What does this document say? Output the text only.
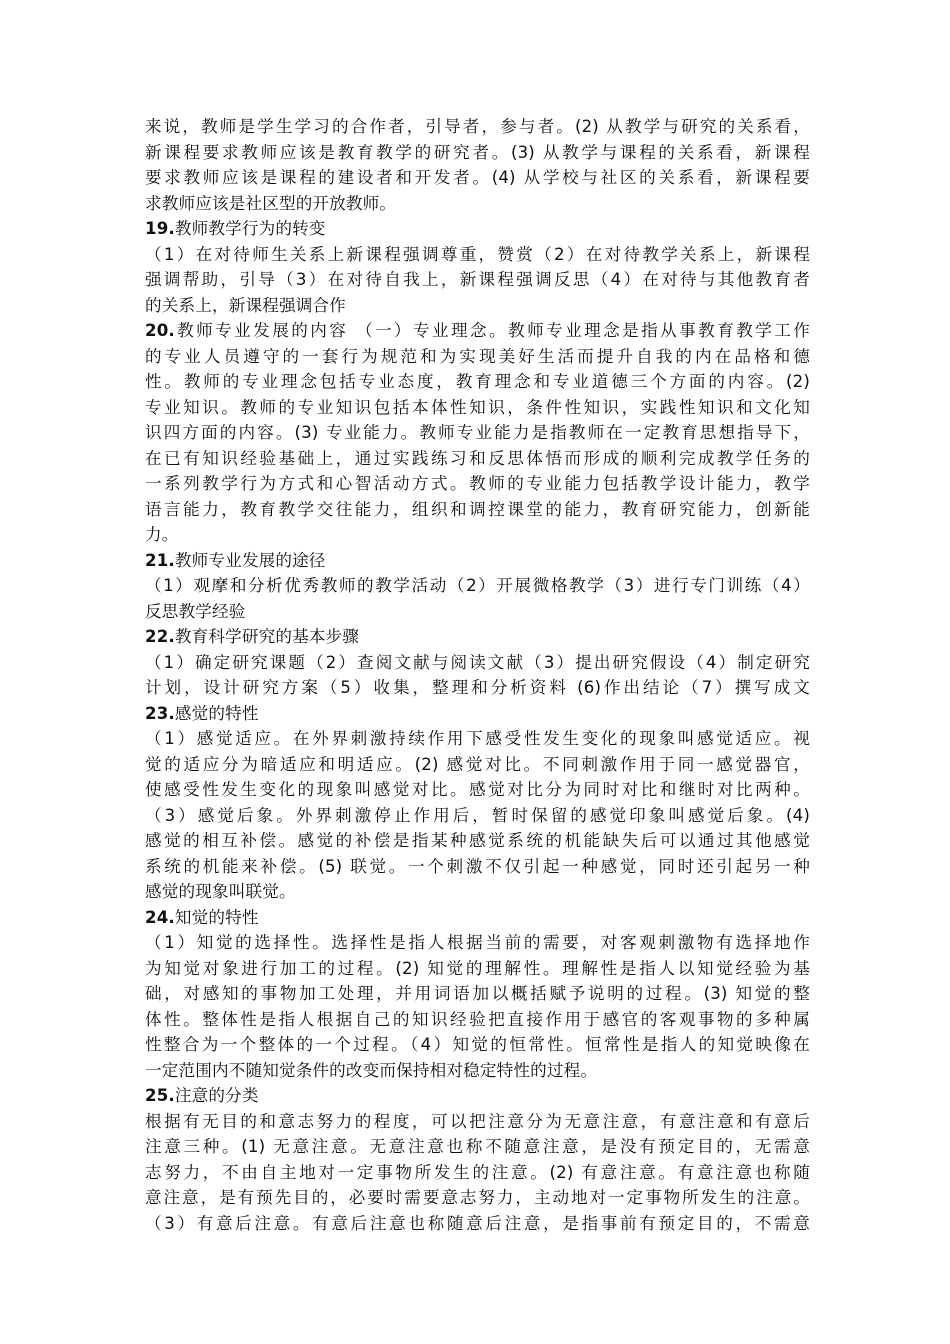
来说，教师是学生学习的合作者，引导者，参与者。(2) 从教学与研究的关系看，
新课程要求教师应该是教育教学的研究者。(3) 从教学与课程的关系看，新课程
要求教师应该是课程的建设者和开发者。(4) 从学校与社区的关系看，新课程要
求教师应该是社区型的开放教师。
19.教师教学行为的转变
（1）在对待师生关系上新课程强调尊重，赞赏（2）在对待教学关系上，新课程
强调帮助，引导（3）在对待自我上，新课程强调反思（4）在对待与其他教育者
的关系上，新课程强调合作
20.教师专业发展的内容 （一）专业理念。教师专业理念是指从事教育教学工作
的专业人员遵守的一套行为规范和为实现美好生活而提升自我的内在品格和德
性。教师的专业理念包括专业态度，教育理念和专业道德三个方面的内容。(2)
专业知识。教师的专业知识包括本体性知识，条件性知识，实践性知识和文化知
识四方面的内容。(3) 专业能力。教师专业能力是指教师在一定教育思想指导下，
在已有知识经验基础上，通过实践练习和反思体悟而形成的顺利完成教学任务的
一系列教学行为方式和心智活动方式。教师的专业能力包括教学设计能力，教学
语言能力，教育教学交往能力，组织和调控课堂的能力，教育研究能力，创新能
力。
21.教师专业发展的途径
（1）观摩和分析优秀教师的教学活动（2）开展微格教学（3）进行专门训练（4）
反思教学经验
22.教育科学研究的基本步骤
（1）确定研究课题（2）查阅文献与阅读文献（3）提出研究假设（4）制定研究
计划，设计研究方案（5）收集，整理和分析资料 (6)作出结论（7）撰写成文
23.感觉的特性
（1）感觉适应。在外界刺激持续作用下感受性发生变化的现象叫感觉适应。视
觉的适应分为暗适应和明适应。(2) 感觉对比。不同刺激作用于同一感觉器官，
使感受性发生变化的现象叫感觉对比。感觉对比分为同时对比和继时对比两种。
（3）感觉后象。外界刺激停止作用后，暂时保留的感觉印象叫感觉后象。(4)
感觉的相互补偿。感觉的补偿是指某种感觉系统的机能缺失后可以通过其他感觉
系统的机能来补偿。(5) 联觉。一个刺激不仅引起一种感觉，同时还引起另一种
感觉的现象叫联觉。
24.知觉的特性
（1）知觉的选择性。选择性是指人根据当前的需要，对客观刺激物有选择地作
为知觉对象进行加工的过程。(2) 知觉的理解性。理解性是指人以知觉经验为基
础，对感知的事物加工处理，并用词语加以概括赋予说明的过程。(3) 知觉的整
体性。整体性是指人根据自己的知识经验把直接作用于感官的客观事物的多种属
性整合为一个整体的一个过程。（4）知觉的恒常性。恒常性是指人的知觉映像在
一定范围内不随知觉条件的改变而保持相对稳定特性的过程。
25.注意的分类
根据有无目的和意志努力的程度，可以把注意分为无意注意，有意注意和有意后
注意三种。(1) 无意注意。无意注意也称不随意注意，是没有预定目的，无需意
志努力，不由自主地对一定事物所发生的注意。(2) 有意注意。有意注意也称随
意注意，是有预先目的，必要时需要意志努力，主动地对一定事物所发生的注意。
（3）有意后注意。有意后注意也称随意后注意，是指事前有预定目的，不需意
